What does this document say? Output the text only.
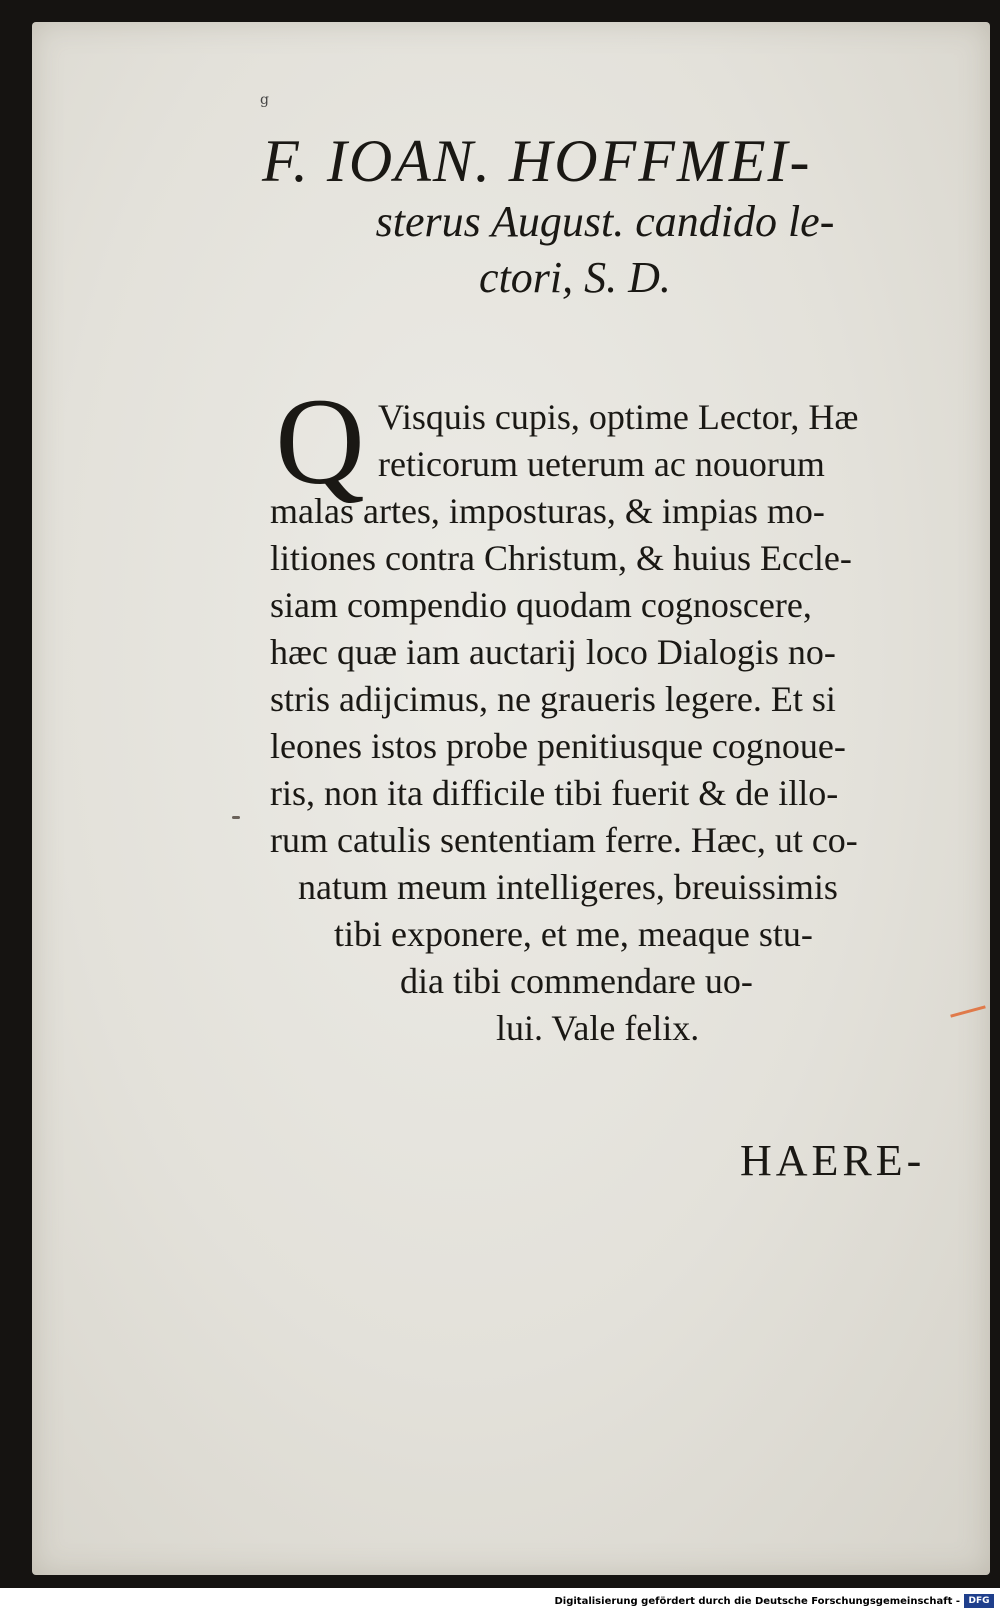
g
F. IOAN. HOFFMEI-
sterus August. candido le-
ctori, S. D.
Q Visquis cupis, optime Lector, Hæ
reticorum ueterum ac nouorum
malas artes, imposturas, & impias mo-
litiones contra Christum, & huius Eccle-
siam compendio quodam cognoscere,
hæc quæ iam auctarij loco Dialogis no-
stris adijcimus, ne graueris legere. Et si
leones istos probe penitiusque cognoue-
ris, non ita difficile tibi fuerit & de illo-
rum catulis sententiam ferre. Hæc, ut co-
natum meum intelligeres, breuissimis
tibi exponere, et me, meaque stu-
dia tibi commendare uo-
lui. Vale felix.
HAERE-
Digitalisierung gefördert durch die Deutsche Forschungsgemeinschaft - DFG
